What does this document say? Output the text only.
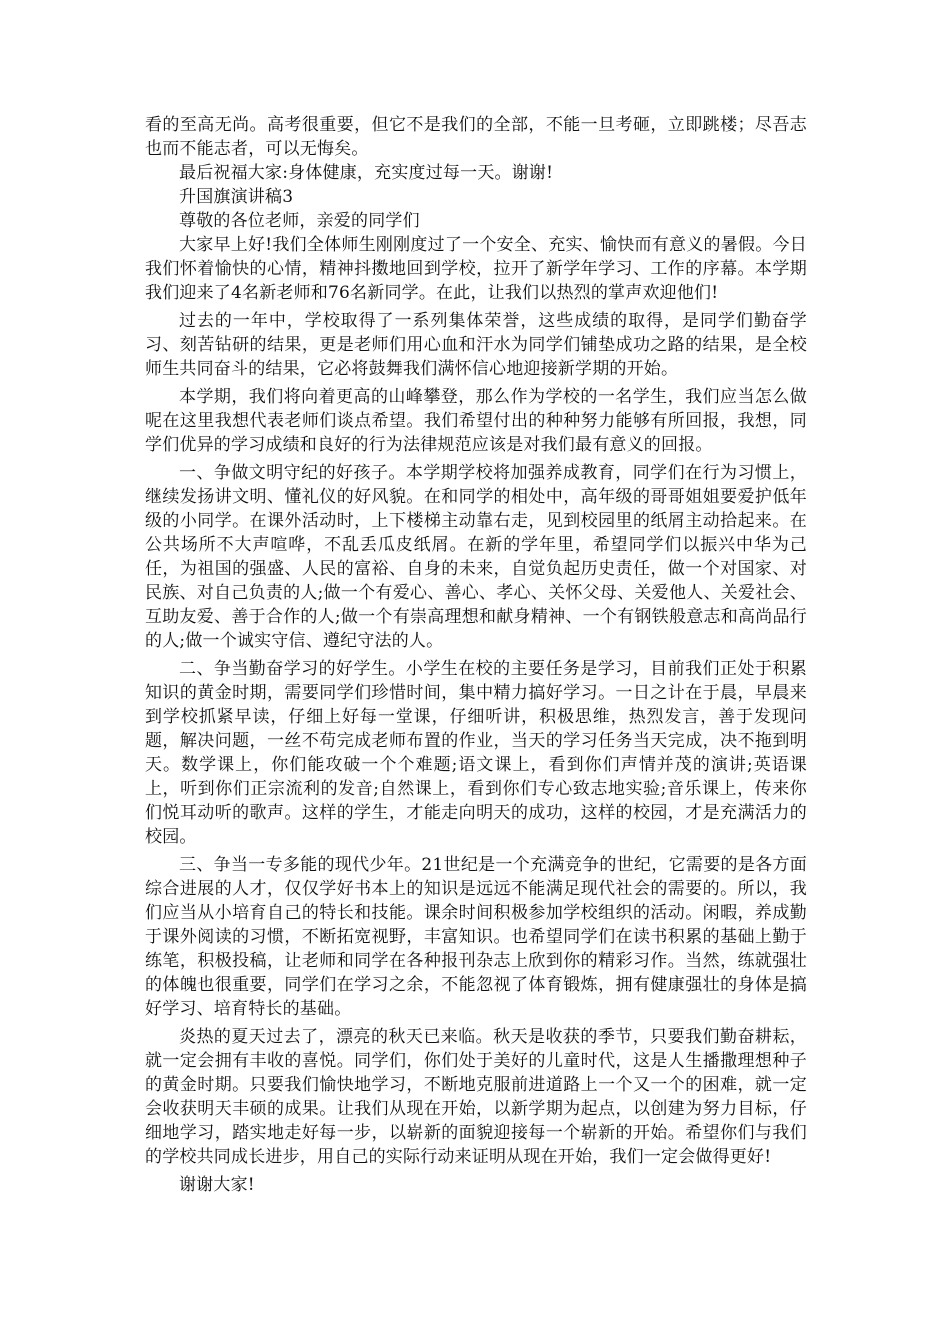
看的至高无尚。高考很重要，但它不是我们的全部，不能一旦考砸，立即跳楼；尽吾志也而不能志者，可以无悔矣。

最后祝福大家:身体健康，充实度过每一天。谢谢!

升国旗演讲稿3

尊敬的各位老师，亲爱的同学们

大家早上好!我们全体师生刚刚度过了一个安全、充实、愉快而有意义的暑假。今日我们怀着愉快的心情，精神抖擞地回到学校，拉开了新学年学习、工作的序幕。本学期我们迎来了4名新老师和76名新同学。在此，让我们以热烈的掌声欢迎他们!

过去的一年中，学校取得了一系列集体荣誉，这些成绩的取得，是同学们勤奋学习、刻苦钻研的结果，更是老师们用心血和汗水为同学们铺垫成功之路的结果，是全校师生共同奋斗的结果，它必将鼓舞我们满怀信心地迎接新学期的开始。

本学期，我们将向着更高的山峰攀登，那么作为学校的一名学生，我们应当怎么做呢在这里我想代表老师们谈点希望。我们希望付出的种种努力能够有所回报，我想，同学们优异的学习成绩和良好的行为法律规范应该是对我们最有意义的回报。

一、争做文明守纪的好孩子。本学期学校将加强养成教育，同学们在行为习惯上，继续发扬讲文明、懂礼仪的好风貌。在和同学的相处中，高年级的哥哥姐姐要爱护低年级的小同学。在课外活动时，上下楼梯主动靠右走，见到校园里的纸屑主动拾起来。在公共场所不大声喧哗，不乱丢瓜皮纸屑。在新的学年里，希望同学们以振兴中华为己任，为祖国的强盛、人民的富裕、自身的未来，自觉负起历史责任，做一个对国家、对民族、对自己负责的人;做一个有爱心、善心、孝心、关怀父母、关爱他人、关爱社会、互助友爱、善于合作的人;做一个有崇高理想和献身精神、一个有钢铁般意志和高尚品行的人;做一个诚实守信、遵纪守法的人。

二、争当勤奋学习的好学生。小学生在校的主要任务是学习，目前我们正处于积累知识的黄金时期，需要同学们珍惜时间，集中精力搞好学习。一日之计在于晨，早晨来到学校抓紧早读，仔细上好每一堂课，仔细听讲，积极思维，热烈发言，善于发现问题，解决问题，一丝不苟完成老师布置的作业，当天的学习任务当天完成，决不拖到明天。数学课上，你们能攻破一个个难题;语文课上，看到你们声情并茂的演讲;英语课上，听到你们正宗流利的发音;自然课上，看到你们专心致志地实验;音乐课上，传来你们悦耳动听的歌声。这样的学生，才能走向明天的成功，这样的校园，才是充满活力的校园。

三、争当一专多能的现代少年。21世纪是一个充满竞争的世纪，它需要的是各方面综合进展的人才，仅仅学好书本上的知识是远远不能满足现代社会的需要的。所以，我们应当从小培育自己的特长和技能。课余时间积极参加学校组织的活动。闲暇，养成勤于课外阅读的习惯，不断拓宽视野，丰富知识。也希望同学们在读书积累的基础上勤于练笔，积极投稿，让老师和同学在各种报刊杂志上欣到你的精彩习作。当然，练就强壮的体魄也很重要，同学们在学习之余，不能忽视了体育锻炼，拥有健康强壮的身体是搞好学习、培育特长的基础。

炎热的夏天过去了，漂亮的秋天已来临。秋天是收获的季节，只要我们勤奋耕耘，就一定会拥有丰收的喜悦。同学们，你们处于美好的儿童时代，这是人生播撒理想种子的黄金时期。只要我们愉快地学习，不断地克服前进道路上一个又一个的困难，就一定会收获明天丰硕的成果。让我们从现在开始，以新学期为起点，以创建为努力目标，仔细地学习，踏实地走好每一步，以崭新的面貌迎接每一个崭新的开始。希望你们与我们的学校共同成长进步，用自己的实际行动来证明从现在开始，我们一定会做得更好!

谢谢大家!
